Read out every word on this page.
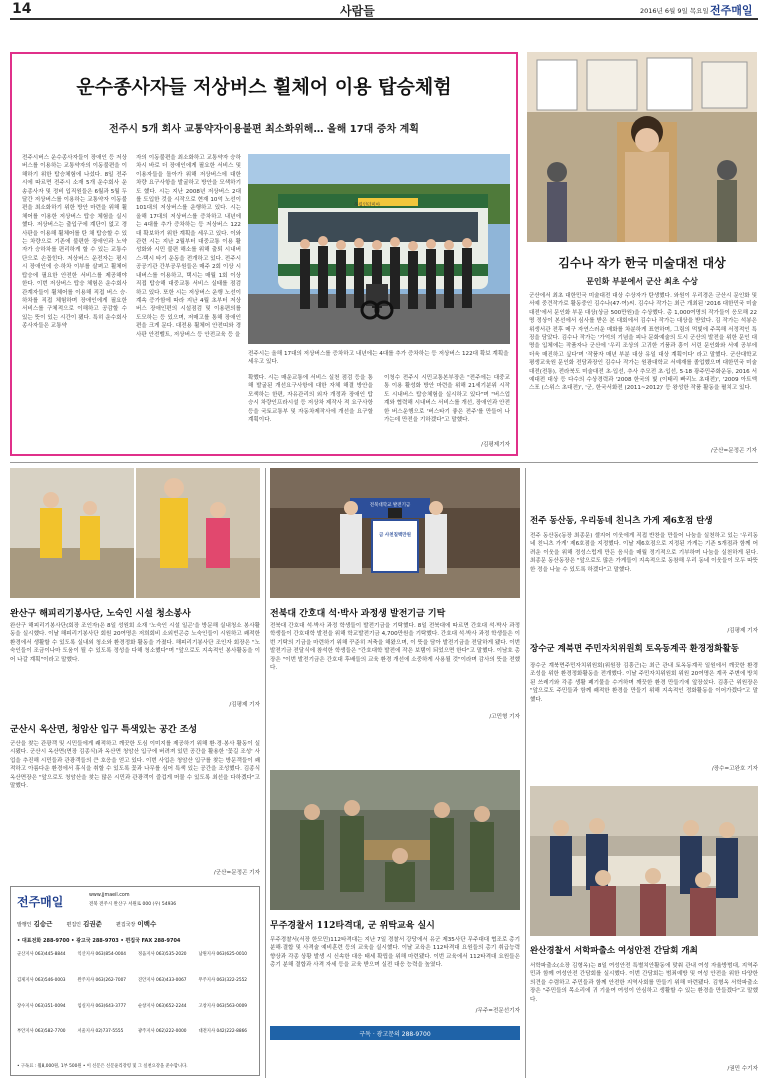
14	사람들	2016년 6월 9일 목요일 전주매일
운수종사자들 저상버스 휠체어 이용 탑승체험
전주시 5개 회사 교통약자이용불편 최소화위해… 올해 17대 증차 계획
전주시버스 운수종사자들이 장애인 등 저상버스를 이용하는 교통약자의 이동불편을 이해하기 위한 탑승체험에 나섰다. 8일 전주시에 따르면 전주시 소재 5개 운수회사 운송종사자 및 정비 입직원들은 6월과 5월 두 달간 저상버스를 이용하는 교통약자 이동불편을 최소화하기 위한 방안 마련을 위해 휠체어를 이용한 저상버스 탑승 체험을 실시했다. 저상버스는 출입구에 계단이 없고 경사판을 이용해 휠체어를 탄 채 탑승할 수 있는 차량으로 기존에 불편한 장애인과 노약자가 승하차를 편리하게 할 수 있는 교통수단으로 손꼽힌다. 저상버스 운전자는 평시 시 장애인에 승·하차 이부를 살펴고 휠체어 탑승에 필요한 안전한 서비스를 제공해야 한다. 이번 저상버스 탑승 체험은 운수회사 관계자들이 휠체어를 이용해 직접 버스 승·하차를 직접 체험하며 장애인에게 필요한 서비스를 구체적으로 이해하고 공감할 수 있는 뜻이 있는 시간이 됐다. 특히 운수회사 종사자들은 교통약
자의 이동불편을 최소화하고 교통약자 승하차시 바로 더 장애인에게 필요한 서비스 및 이용자들을 돌아가 위해 저상버스에 대한 차량 요구사항을 발굴하고 방안을 모색하기도 했다. 시는 지난 2008년 저상버스 2대를 도입한 것을 시작으로 현재 10억 노선이 101대의 저상버스를 운행하고 있다. 시는 올해 17대의 저상버스를 증차하고 내년에는 4대를 추가 증차하는 등 저상버스 122대 확보하기 위한 계획을 세우고 있다. 이와 관련 시는 지난 2월부터 대중교통 이용 활성화와 시민 불편 해소를 위해 출퇴 시내버스·택시 타기 운동을 전개하고 있다. 전주시 공공기관 간부공무원들은 매주 2회 이상 시내버스를 이용하고, 택시는 매월 1회 이상 직접 탑승해 대중교통 서비스 실태를 점검하고 있다. 또한 시는 저상버스 운행 노선이 계속 증가함에 따라 지난 4월 초부터 저상버스 장애인편의 시설점검 및 이용편의를 도모하는 등 있으며, 저매고를 통해 장애인편을 크게 문다. 대전용 휠체어 안전띠와 경사판 안전벨트, 저상버스 등 안전교육 등 을
독립인터미아
전주시는 올해 17대의 저상버스를 증차하고 내년에는 4대를 추가 증차하는 등 저상버스 122대 확보 계획을 세우고 있다.
확했다. 시는 매운교통에 서비스 실천 점검 등을 통해 발굴된 개선요구사항에 대한 자체 해결 방안을 모색하는 한편, 자유관리의 외자 개정과 장애인 탑승시 차량인프라시설 등 저상차 제작사 적 요구사항 등을 국토교통부 및 자동차제작사에 개선을 요구할 계획이다.
이청수 전주시 시민교통본부장은 "전주에는 대중교통 이용 활성화 방안 마련을 위해 21세기분위 시작도 시내버스 탑승체험을 실시하고 있다"며 "버스업계와 협력해 시내버스 서비스를 개선, 장애인과 안전한 버스운행으로 '버스타기 좋은 전주'를 만들어 나가는데 만전을 기하겠다"고 말했다.
/김평제기자
김수나 작가 한국 미술대전 대상
문인화 부분에서 군산 최초 수상
군산에서 최초 대한민국 미술대전 대상 수상자가 탄생했다. 와원이 우리경은 군산시 문인화 및 서예 중견작가로 활동중인 김수나(47·여)씨. 김수나 작가는 최근 개최된 '2016 대한민국 미술대전'에서 문인화 부문 대상(상금 500만원)을 수상했다. 총 1,000여명의 작가들이 응모해 22명 정상이 본선에서 심사를 받은 본 대회에서 김수나 작가는 대상을 받았다. 김 작가는 석봉은 위생서관 전후 메구 자연스러운 매화를 차분하게 표현하며, 그림의 먹빛에 주목해 서정적인 특징을 담았다. 김수나 작가는 '가억의 기념을 피나 문화예술의 도시 군산의 발전을 위한 문인 대명을 입체에는 작품자나 군산에 '우리 조상의 고귀한 기품과 흥이 서린 문인화와 서예 공부에 더욱 매진하고 싶다'며 '작품자 매년 부분 대상 유일 대상 계획이다' 라고 말했다. 군산대학교 평생교육원 문인화 전담과장인 김수나 작가는 원광대학교 서예재를 졸업했으며 대한민국 미술대전(전통), 전라북도 미술대전 초·입선, 추사 추모전 초·입선, 5·18 광주민주화운동, 2016 서예대전 대상 등 다수의 수상경력과 '2008 한국의 빛 (이태리 빠리노 초대전)', '2009 아트엑스포 (스위스 초대전)', '군, 한국서화전 (2011~2012)' 등 왕성한 작품 활동을 펼치고 있다.
/군산=문정곤 기자
완산구 해피리기봉사단, 노숙인 시설 청소봉사
완산구 해피리기봉사단(회장 조인자)은 8일 성원회 소재 '노숙인 시설 일곤'을 방문해 실내청소 봉사활동을 실시했다. 이날 해피리기봉사단 회원 20여명은 저희회비 소외빈곤층 노숙인들이 시원하고 쾌적한 환경에서 생활할 수 있도록 실내외 청소와 환경정화 활동을 가졌다. 해피리기봉사단 조인자 회장은 "노숙인들이 조금이나마 도움이 될 수 있도록 정성을 다해 청소했다"며 "앞으로도 지속적인 봉사활동을 이어 나갈 계획"이라고 말했다.
/김평제 기자
전북대학교 발전기금
금 사천칠백만원
전북대 간호대 석·박사 과정생 발전기금 기탁
전북대 간호대 석·박사 과정 학생들이 발전기금을 기탁했다. 8일 전북대에 따르면 간호대 석·박사 과정 학생들이 간호대학 발전을 위해 학교발전기금 4,700만원을 기탁했다. 간호대 석·박사 과정 학생들은 이번 기탁의 기금을 마련하기 위해 꾸준히 저축을 해왔으며, 이 뜻을 담아 발전기금을 전달하게 됐다. 이번 발전기금 전달식에 참석한 학생들은 "간호대학 발전에 작은 보탬이 되었으면 한다"고 말했다. 이남호 총장은 "이번 발전기금은 간호대 후배들의 교육 환경 개선에 소중하게 사용될 것"이라며 감사의 뜻을 전했다.
/고민형 기자
전주 동산동, 우리동네 친니츠 가게 제6호점 탄생
전주 동산동(동장 최종문) 셀지어 이웃에게 직접 반찬을 만들어 나눔을 실천하고 있는 '우리동네 친니츠 가게' 제6호점을 지정했다. 이날 제6호점으로 지정된 가게는 기존 5개점과 함께 어려운 이웃을 위해 정성스럽게 만든 음식을 매월 정기적으로 기부하며 나눔을 실천하게 된다. 최종문 동산동장은 "앞으로도 많은 가게들이 지속적으로 동참해 우리 동네 이웃들이 모두 따뜻한 정을 나눌 수 있도록 하겠다"고 말했다.
/김평제 기자
장수군 계북면 주민자치위원회 토옥동계곡 환경정화활동
장수군 계북면주민자치위원회(위원장 김흥근)는 최근 관내 토옥동계곡 일원에서 깨끗한 환경조성을 위한 환경정화활동을 전개했다. 이날 주민자치위원회 위원 20여명은 계곡 주변에 방치된 쓰레기와 각종 생활 폐기물을 수거하며 깨끗한 환경 만들기에 앞장섰다. 김흥근 위원장은 "앞으로도 주민들과 함께 쾌적한 환경을 만들기 위해 지속적인 정화활동을 이어가겠다"고 말했다.
/장수=고완호 기자
군산시 옥산면, 청암산 입구 특색있는 공간 조성
군산을 찾는 관광객 및 시민들에게 쾌적하고 깨끗한 도심 이미지를 제공하기 위해 환·경·봉사 활동이 실시됐다. 군산시 옥산면(면장 김종식)과 옥산면 청암산 입구에 버려져 있던 공간을 활용한 '꽃길 조성' 사업을 추진해 시민들과 관광객들의 큰 호응을 얻고 있다. 이번 사업은 청암산 입구를 찾는 방문객들이 쾌적하고 아름다운 환경에서 휴식을 취할 수 있도록 꽃과 나무를 심어 특색 있는 공간을 조성했다. 김종식 옥산면장은 "앞으로도 청암산을 찾는 많은 시민과 관광객이 즐겁게 머물 수 있도록 최선을 다하겠다"고 말했다.
/군산=문정곤 기자
무주경찰서 112타격대, 군 위탁교육 실시
무주경찰서(서장 한모민)112타격대는 지난 7일 경찰서 강당에서 유군 제35사단 무주대대 협조로 총기 분해·결합 및 사격술 예비훈련 등의 교육을 실시했다. 이날 교육은 112타격대 요원들의 총기 취급능력 향상과 각종 상황 발생 시 신속한 대응 태세 확립을 위해 마련됐다. 이번 교육에서 112타격대 요원들은 총기 분해 결합과 사격 자세 등을 교육 받으며 실전 대응 능력을 높였다.
/무주=전문선기자
완산경찰서 서학파출소 여성안전 간담회 개최
서학파출소(소장 김형옥)는 8일 여성안전 특별치안활동에 맞춰 관내 여성 자율방범대, 지역주민과 함께 여성안전 간담회를 실시했다. 이번 간담회는 범죄예방 및 여성 안전을 위한 다양한 의견을 수렴하고 주민들과 함께 안전한 지역사회를 만들기 위해 마련됐다. 김형옥 서학파출소장은 "주민들의 목소리에 귀 기울여 여성이 안심하고 생활할 수 있는 환경을 만들겠다"고 말했다.
/권민 수기자
전주매일	www.jjmaeil.com
전북 전주시 완산구 서원로 000 (우) 54936
발행인 김승근	편집인 김권준	편집국장 이백수
• 대표전화 288-9700 • 광고국 288-9703 • 편집국 FAX 288-9704
군산지사 063)445-8844	익산지사 063)854-0004	정읍지사 063)535-2020	남원지사 063)625-0010
김제지사 063)546-0003	완주지사 063)262-7007	진안지사 063)433-0067	무주지사 063)322-2552
장수지사 063)351-0094	임실지사 063)643-3777	순창지사 063)652-2244	고창지사 063)563-0009
부안지사 063)582-7700	서울지사 02)737-5555	광주지사 062)222-0000	대전지사 042)222-8866
• 구독료 : 월8,000원, 1부 500원 • 이 신문은 신문윤리강령 및 그 실천요강을 준수합니다.
구독 · 광고문의 288-9700
